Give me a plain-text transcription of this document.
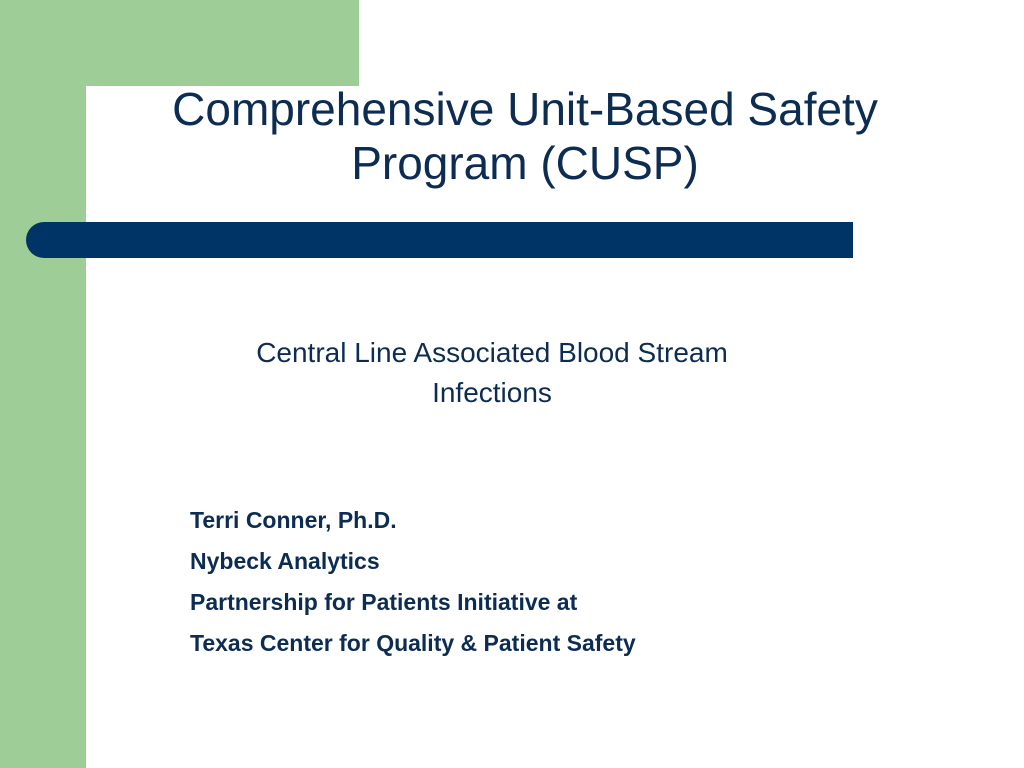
Comprehensive Unit-Based Safety
Program (CUSP)

Central Line Associated Blood Stream
Infections

Terri Conner, Ph.D.
Nybeck Analytics
Partnership for Patients Initiative at
Texas Center for Quality & Patient Safety
